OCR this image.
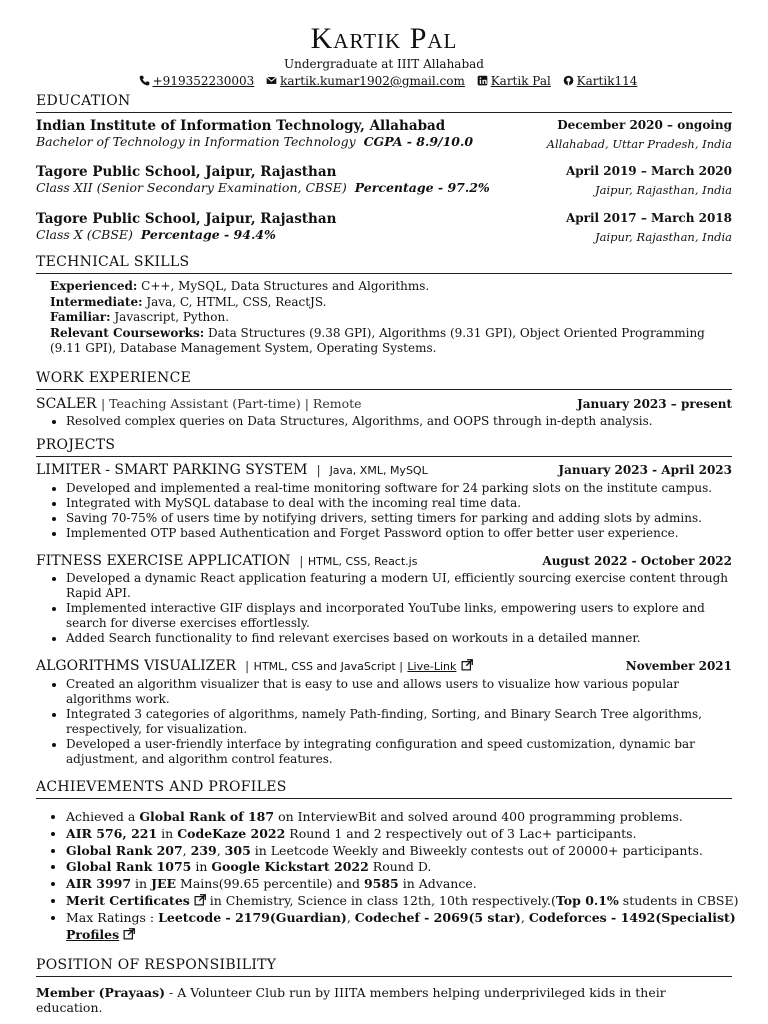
Kartik Pal
Undergraduate at IIIT Allahabad
+919352230003 kartik.kumar1902@gmail.com Kartik Pal Kartik114
EDUCATION
Indian Institute of Information Technology, Allahabad	December 2020 – ongoing
Bachelor of Technology in Information Technology CGPA - 8.9/10.0	Allahabad, Uttar Pradesh, India
Tagore Public School, Jaipur, Rajasthan	April 2019 – March 2020
Class XII (Senior Secondary Examination, CBSE) Percentage - 97.2%	Jaipur, Rajasthan, India
Tagore Public School, Jaipur, Rajasthan	April 2017 – March 2018
Class X (CBSE) Percentage - 94.4%	Jaipur, Rajasthan, India
TECHNICAL SKILLS
Experienced: C++, MySQL, Data Structures and Algorithms.
Intermediate: Java, C, HTML, CSS, ReactJS.
Familiar: Javascript, Python.
Relevant Courseworks: Data Structures (9.38 GPI), Algorithms (9.31 GPI), Object Oriented Programming (9.11 GPI), Database Management System, Operating Systems.
WORK EXPERIENCE
SCALER | Teaching Assistant (Part-time) | Remote	January 2023 – present
• Resolved complex queries on Data Structures, Algorithms, and OOPS through in-depth analysis.
PROJECTS
LIMITER - SMART PARKING SYSTEM | Java, XML, MySQL	January 2023 - April 2023
• Developed and implemented a real-time monitoring software for 24 parking slots on the institute campus.
• Integrated with MySQL database to deal with the incoming real time data.
• Saving 70-75% of users time by notifying drivers, setting timers for parking and adding slots by admins.
• Implemented OTP based Authentication and Forget Password option to offer better user experience.
FITNESS EXERCISE APPLICATION | HTML, CSS, React.js	August 2022 - October 2022
• Developed a dynamic React application featuring a modern UI, efficiently sourcing exercise content through Rapid API.
• Implemented interactive GIF displays and incorporated YouTube links, empowering users to explore and search for diverse exercises effortlessly.
• Added Search functionality to find relevant exercises based on workouts in a detailed manner.
ALGORITHMS VISUALIZER | HTML, CSS and JavaScript | Live-Link	November 2021
• Created an algorithm visualizer that is easy to use and allows users to visualize how various popular algorithms work.
• Integrated 3 categories of algorithms, namely Path-finding, Sorting, and Binary Search Tree algorithms, respectively, for visualization.
• Developed a user-friendly interface by integrating configuration and speed customization, dynamic bar adjustment, and algorithm control features.
ACHIEVEMENTS AND PROFILES
• Achieved a Global Rank of 187 on InterviewBit and solved around 400 programming problems.
• AIR 576, 221 in CodeKaze 2022 Round 1 and 2 respectively out of 3 Lac+ participants.
• Global Rank 207, 239, 305 in Leetcode Weekly and Biweekly contests out of 20000+ participants.
• Global Rank 1075 in Google Kickstart 2022 Round D.
• AIR 3997 in JEE Mains(99.65 percentile) and 9585 in Advance.
• Merit Certificates  in Chemistry, Science in class 12th, 10th respectively.(Top 0.1% students in CBSE)
• Max Ratings : Leetcode - 2179(Guardian), Codechef - 2069(5 star), Codeforces - 1492(Specialist) Profiles
POSITION OF RESPONSIBILITY
Member (Prayaas) - A Volunteer Club run by IIITA members helping underprivileged kids in their education.
